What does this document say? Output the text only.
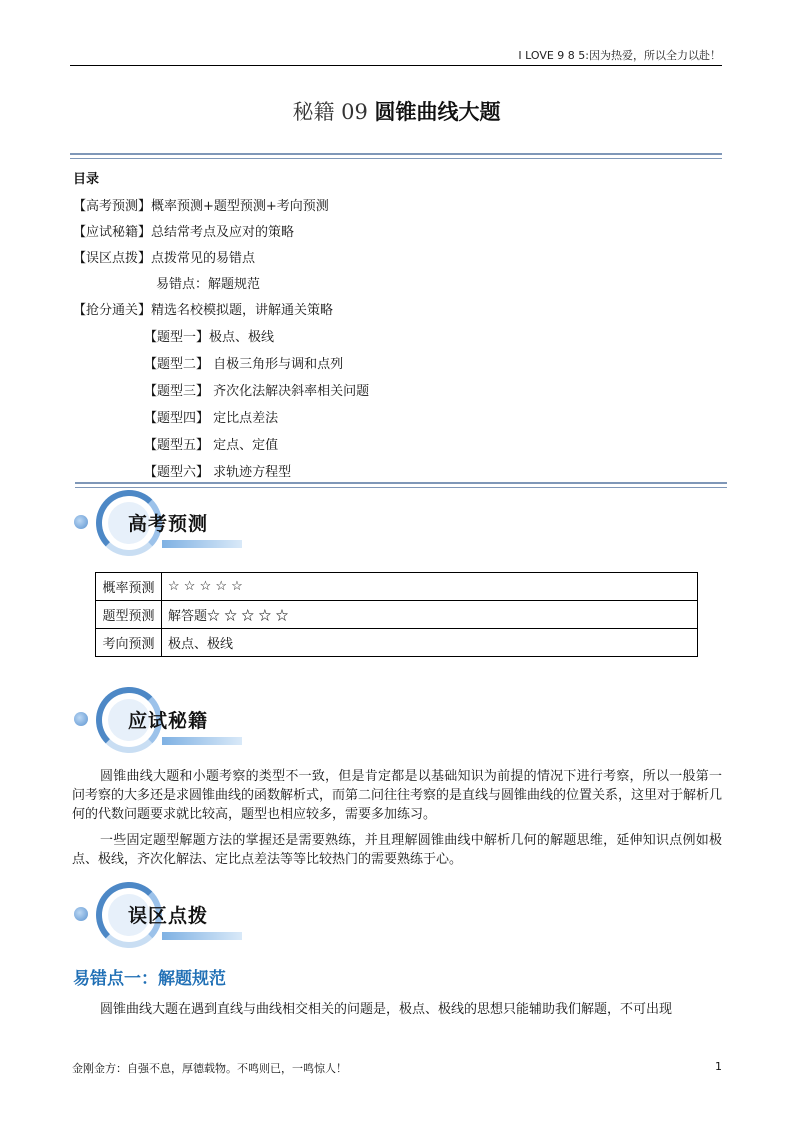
I LOVE 9 8 5:因为热爱，所以全力以赴！
秘籍 09 圆锥曲线大题
目录
【高考预测】概率预测+题型预测+考向预测
【应试秘籍】总结常考点及应对的策略
【误区点拨】点拨常见的易错点
易错点：解题规范
【抢分通关】精选名校模拟题，讲解通关策略
【题型一】极点、极线
【题型二】 自极三角形与调和点列
【题型三】 齐次化法解决斜率相关问题
【题型四】 定比点差法
【题型五】 定点、定值
【题型六】 求轨迹方程型
高考预测
概率预测	☆ ☆ ☆ ☆ ☆
题型预测	解答题☆ ☆ ☆ ☆ ☆
考向预测	极点、极线
应试秘籍
圆锥曲线大题和小题考察的类型不一致，但是肯定都是以基础知识为前提的情况下进行考察，所以一般第一问考察的大多还是求圆锥曲线的函数解析式，而第二问往往考察的是直线与圆锥曲线的位置关系，这里对于解析几何的代数问题要求就比较高，题型也相应较多，需要多加练习。
一些固定题型解题方法的掌握还是需要熟练，并且理解圆锥曲线中解析几何的解题思维，延伸知识点例如极点、极线，齐次化解法、定比点差法等等比较热门的需要熟练于心。
误区点拨
易错点一：解题规范
圆锥曲线大题在遇到直线与曲线相交相关的问题是，极点、极线的思想只能辅助我们解题，不可出现
金刚金方：自强不息，厚德载物。不鸣则已，一鸣惊人！	1
